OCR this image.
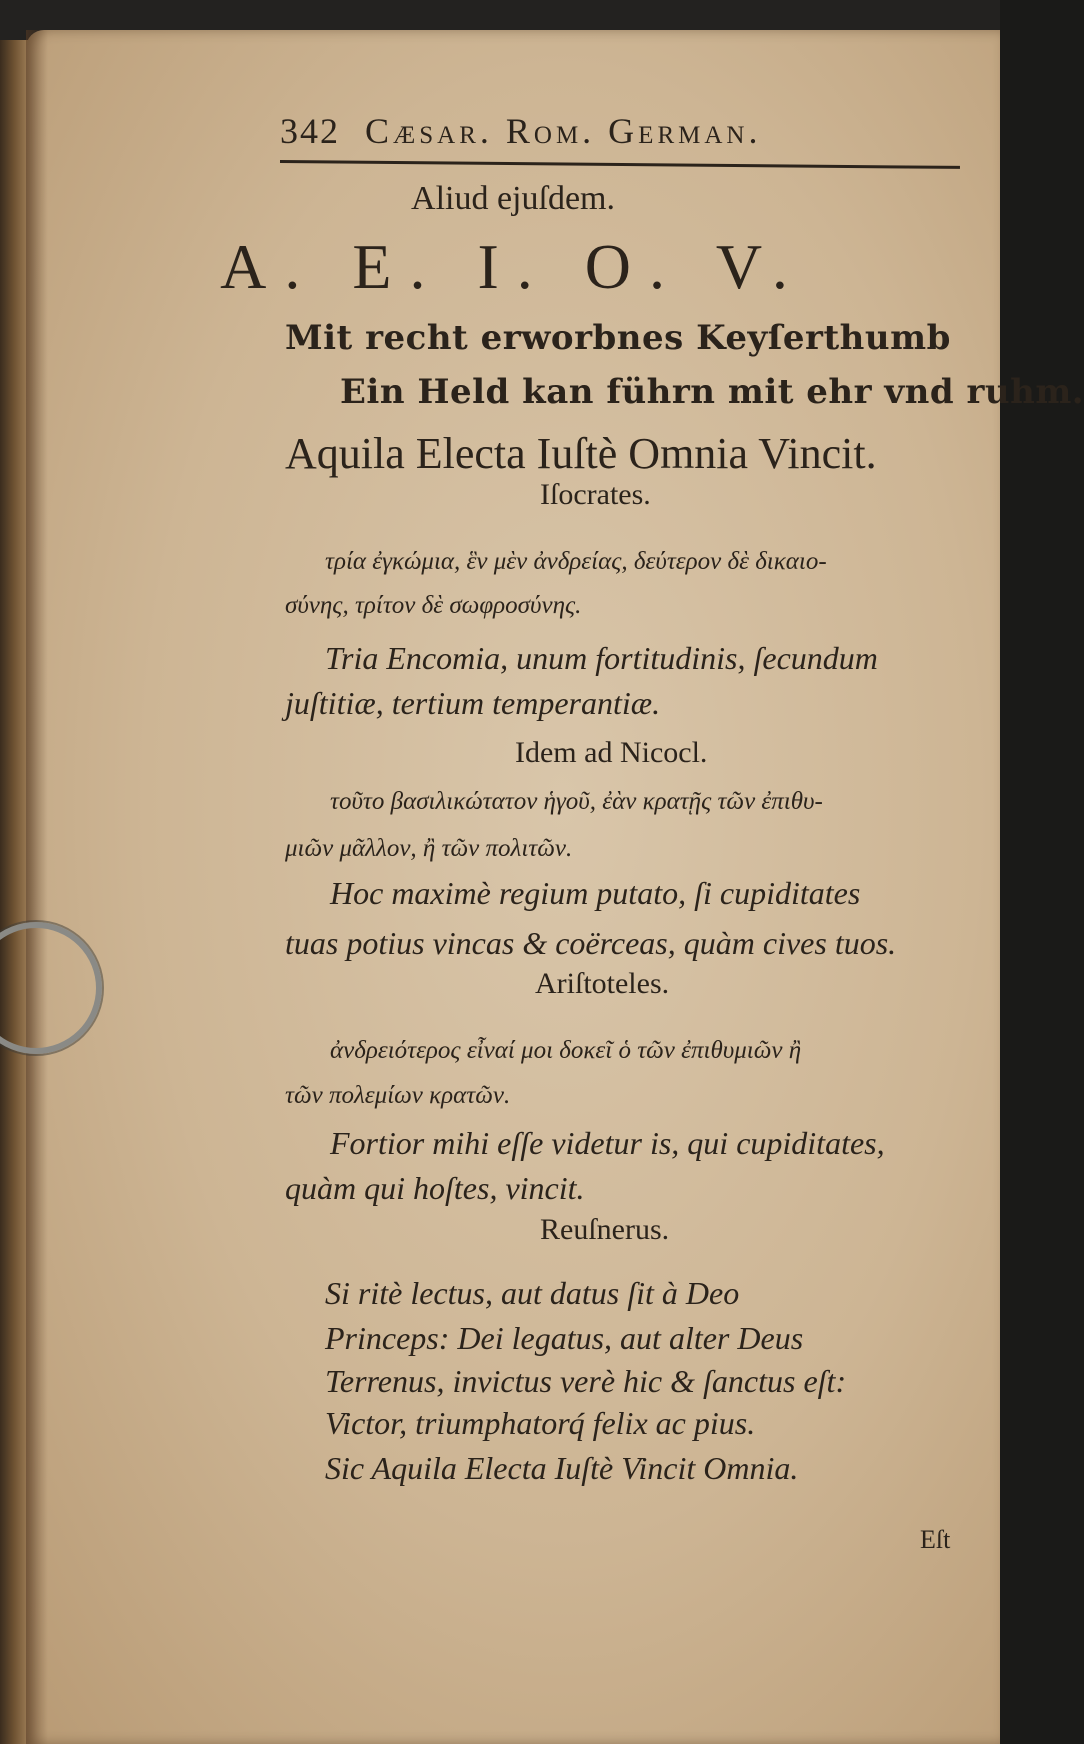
342 Cæsar. Rom. German.
Aliud ejuſdem.
A. E. I. O. V.
Mit recht erworbnes Keyſerthumb
Ein Held kan führn mit ehr vnd ruhm.
Aquila Electa Iuſtè Omnia Vincit.
Iſocrates.
τρία ἐγκώμια, ἓν μὲν ἀνδρείας, δεύτερον δὲ δικαιο-
σύνης, τρίτον δὲ σωφροσύνης.
Tria Encomia, unum fortitudinis, ſecundum
juſtitiæ, tertium temperantiæ.
Idem ad Nicocl.
τοῦτο βασιλικώτατον ἡγοῦ, ἐὰν κρατῇς τῶν ἐπιθυ-
μιῶν μᾶλλον, ἢ τῶν πολιτῶν.
Hoc maximè regium putato, ſi cupiditates
tuas potius vincas & coërceas, quàm cives tuos.
Ariſtoteles.
ἀνδρειότερος εἶναί μοι δοκεῖ ὁ τῶν ἐπιθυμιῶν ἢ
τῶν πολεμίων κρατῶν.
Fortior mihi eſſe videtur is, qui cupiditates,
quàm qui hoſtes, vincit.
Reuſnerus.
Si ritè lectus, aut datus ſit à Deo
Princeps: Dei legatus, aut alter Deus
Terrenus, invictus verè hic & ſanctus eſt:
Victor, triumphatorq́ felix ac pius.
Sic Aquila Electa Iuſtè Vincit Omnia.
Eſt
